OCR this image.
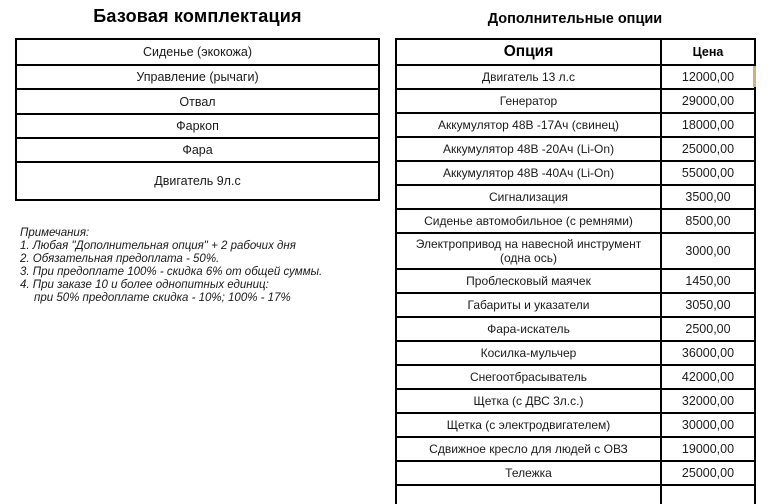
Базовая комплектация
Сиденье (экокожа)
Управление (рычаги)
Отвал
Фаркоп
Фара
Двигатель 9л.с

Примечания:

1. Любая "Дополнительная опция" + 2 рабочих дня

2. Обязательная предоплата - 50%.

3. При предоплате 100% - скидка 6% от общей суммы.

4. При заказе 10 и более однопитных единиц:

при 50% предоплате скидка - 10%; 100% - 17%

Дополнительные опции
Опция	Цена
Двигатель 13 л.с	12000,00
Генератор	29000,00
Аккумулятор 48В -17Ач (свинец)	18000,00
Аккумулятор 48В -20Ач (Li-On)	25000,00
Аккумулятор 48В -40Ач (Li-On)	55000,00
Сигнализация	3500,00
Сиденье автомобильное (с ремнями)	8500,00
Электропривод на навесной инструмент (одна ось)	3000,00
Проблесковый маячек	1450,00
Габариты и указатели	3050,00
Фара-искатель	2500,00
Косилка-мульчер	36000,00
Снегоотбрасыватель	42000,00
Щетка (с ДВС 3л.с.)	32000,00
Щетка (с электродвигателем)	30000,00
Сдвижное кресло для людей с ОВЗ	19000,00
Тележка	25000,00
